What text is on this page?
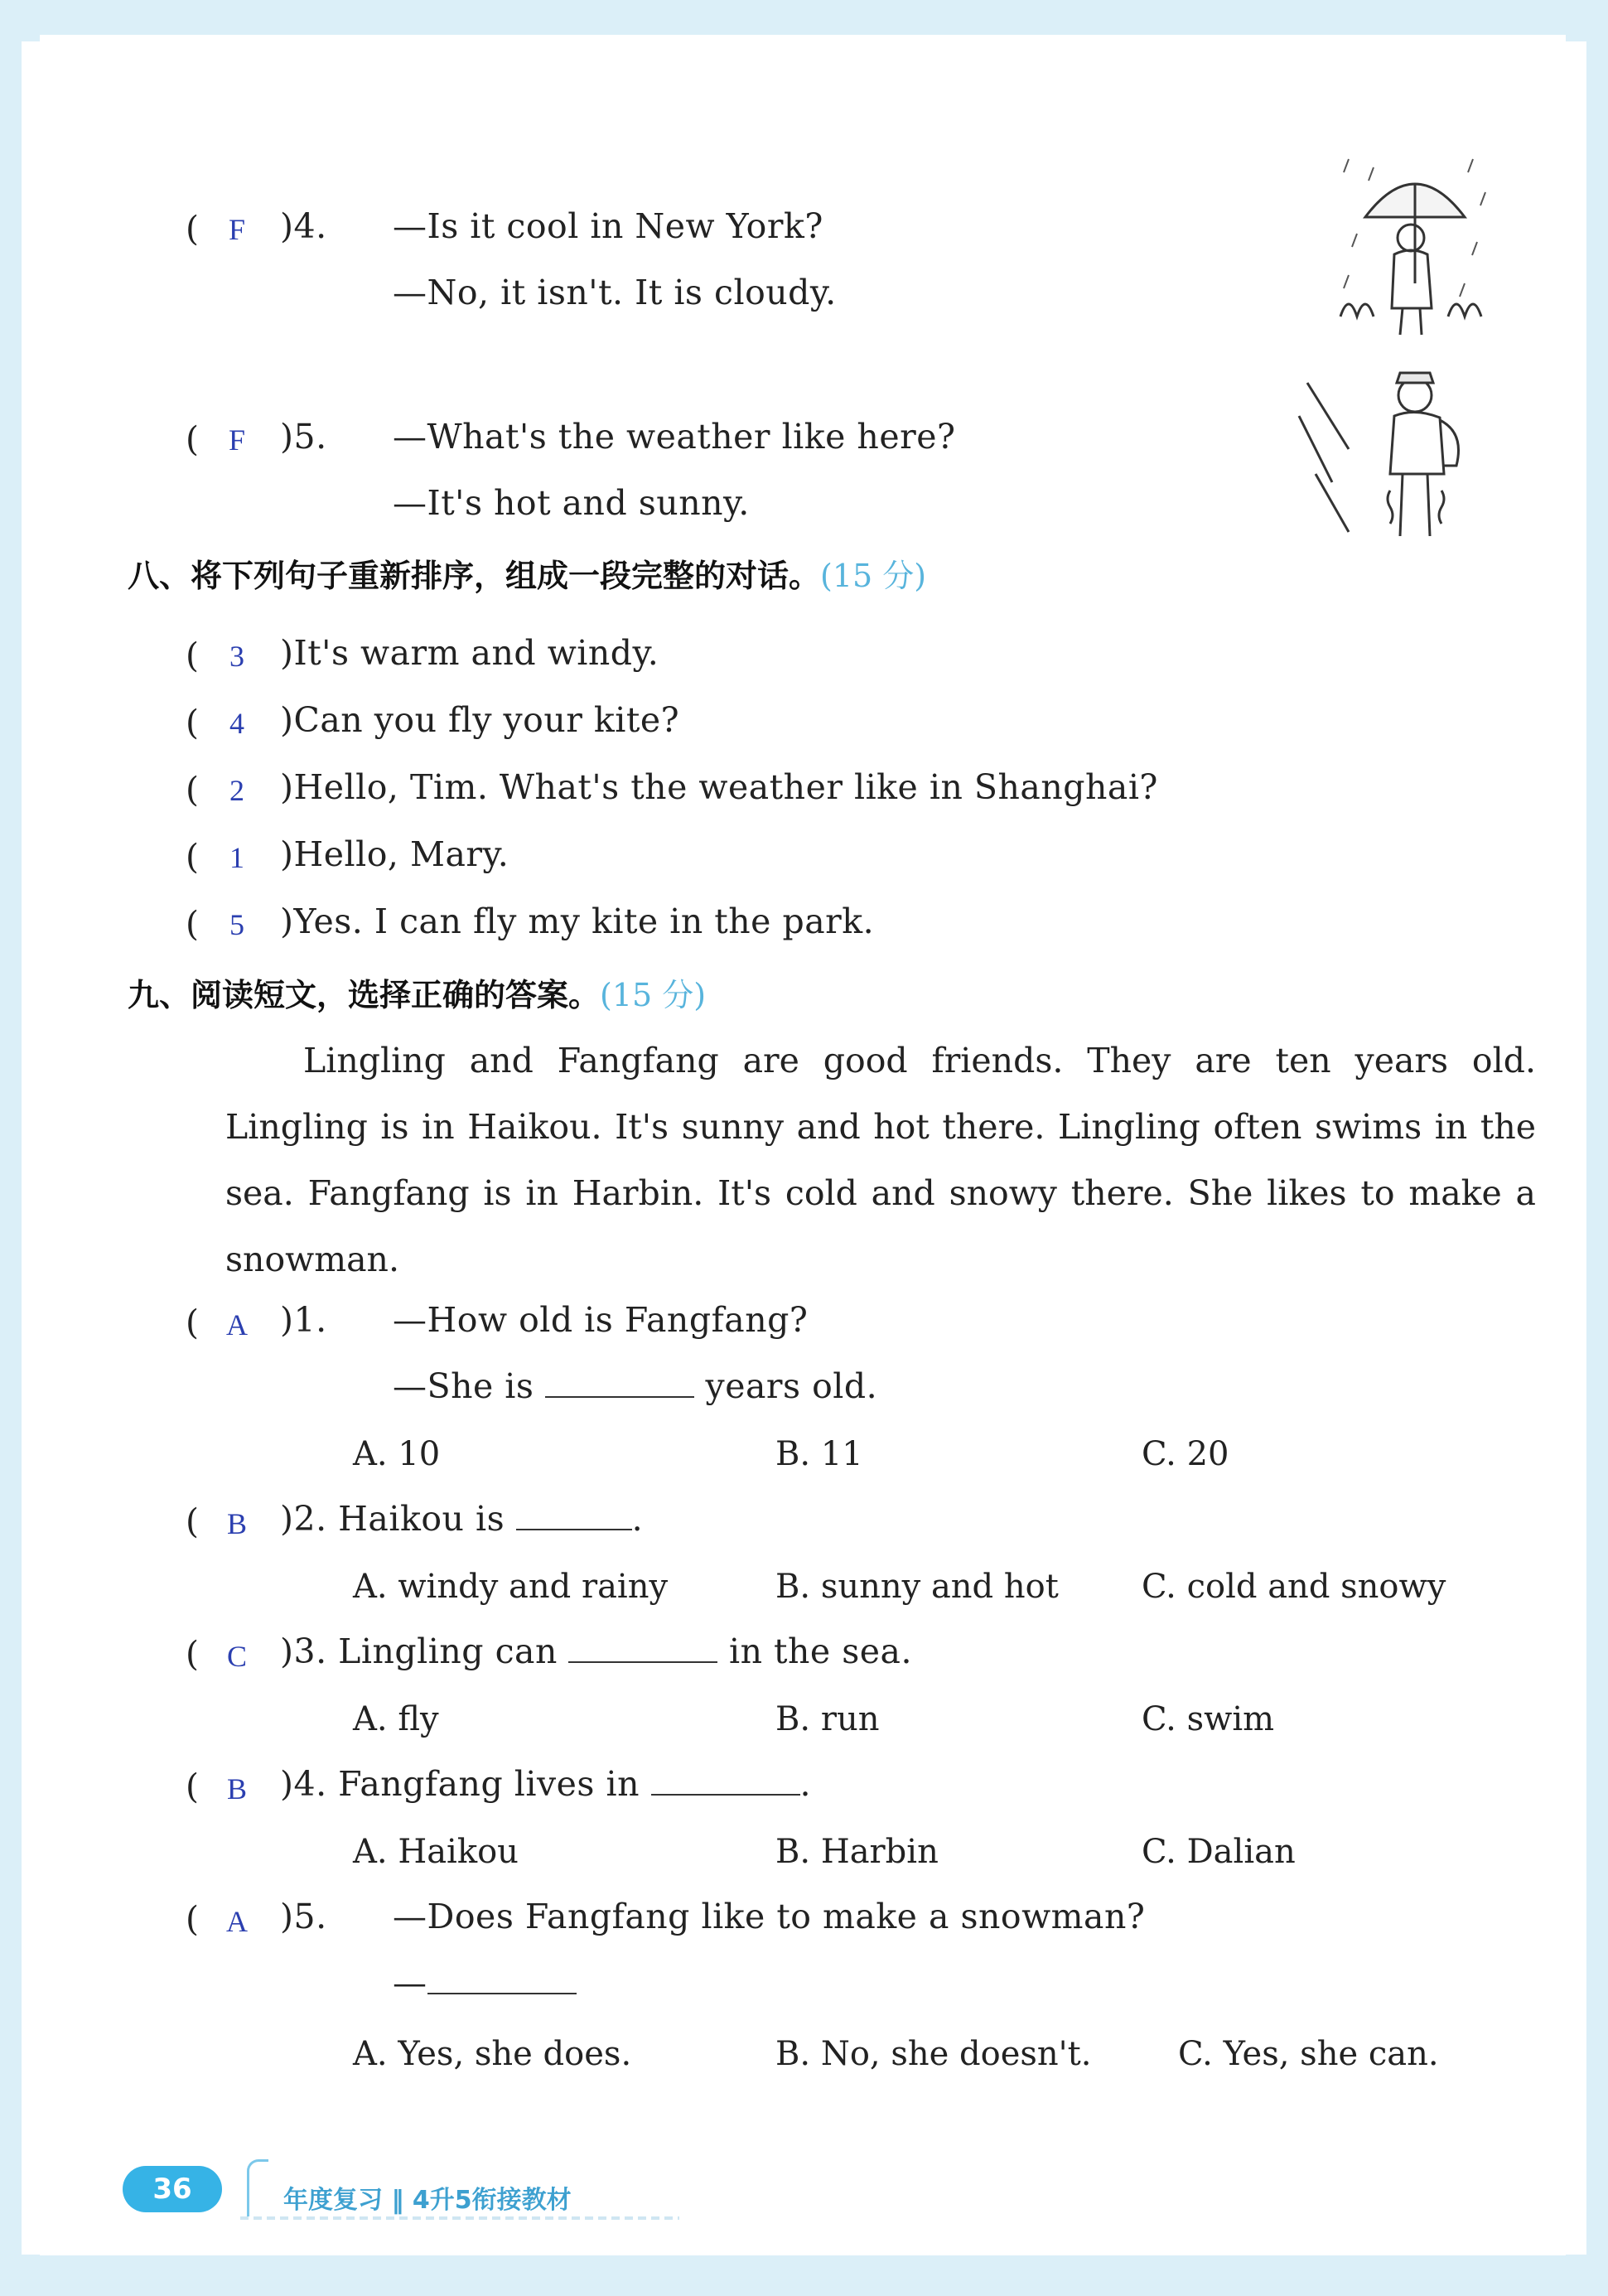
( F )4. —Is it cool in New York?
—No, it isn't. It is cloudy.
( F )5. —What's the weather like here?
—It's hot and sunny.
八、将下列句子重新排序，组成一段完整的对话。(15 分)
(	3 )It's warm and windy.
(	4 )Can you fly your kite?
(	2 )Hello, Tim. What's the weather like in Shanghai?
(	1 )Hello, Mary.
(	5 )Yes. I can fly my kite in the park.
九、阅读短文，选择正确的答案。(15 分)

Lingling and Fangfang are good friends. They are ten years old. Lingling is in Haikou. It's sunny and hot there. Lingling often swims in the sea. Fangfang is in Harbin. It's cold and snowy there. She likes to make a snowman.

( A )1. —How old is Fangfang?
—She is	years old.
A. 10	B. 11	C. 20
( B )2. Haikou is	.
A. windy and rainy	B. sunny and hot	C. cold and snowy
( C )3. Lingling can	in the sea.
A. fly	B. run	C. swim
( B )4. Fangfang lives in	.
A. Haikou	B. Harbin	C. Dalian
( A )5. —Does Fangfang like to make a snowman?
—
A. Yes, she does.	B. No, she doesn't.	C. Yes, she can.
36	年度复习 ‖ 4升5衔接教材
